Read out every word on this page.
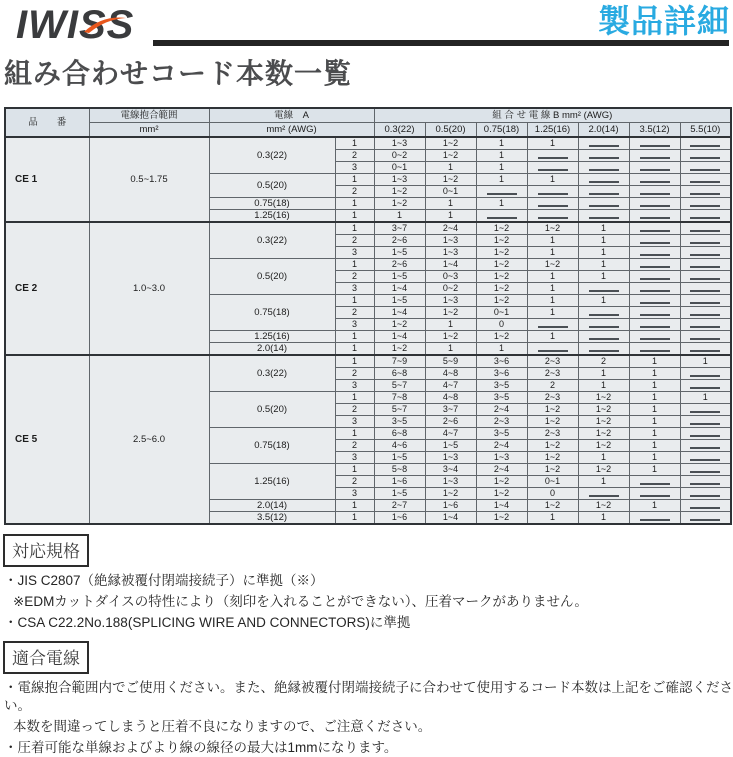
IWISS	製品詳細
組み合わせコード本数一覧
品　　番	電線抱合範囲	電線　A		組 合 せ 電 線 B mm² (AWG)						
	mm²	mm² (AWG)		0.3(22)	0.5(20)	0.75(18)	1.25(16)	2.0(14)	3.5(12)	5.5(10)
CE 1	0.5~1.75	0.3(22)	1	1~3	1~2	1	1	

			2	0~2	1~2	1	

			3	0~1	1	1	

		0.5(20)	1	1~3	1~2	1	1	

			2	1~2	0~1	

		0.75(18)	1	1~2	1	1	

		1.25(16)	1	1	1	

CE 2	1.0~3.0	0.3(22)	1	3~7	2~4	1~2	1~2	1	

			2	2~6	1~3	1~2	1	1	

			3	1~5	1~3	1~2	1	1	

		0.5(20)	1	2~6	1~4	1~2	1~2	1	

			2	1~5	0~3	1~2	1	1	

			3	1~4	0~2	1~2	1	

		0.75(18)	1	1~5	1~3	1~2	1	1	

			2	1~4	1~2	0~1	1	

			3	1~2	1	0	

		1.25(16)	1	1~4	1~2	1~2	1	

		2.0(14)	1	1~2	1	1	

CE 5	2.5~6.0	0.3(22)	1	7~9	5~9	3~6	2~3	2	1	1
			2	6~8	4~8	3~6	2~3	1	1	

			3	5~7	4~7	3~5	2	1	1	

		0.5(20)	1	7~8	4~8	3~5	2~3	1~2	1	1
			2	5~7	3~7	2~4	1~2	1~2	1	

			3	3~5	2~6	2~3	1~2	1~2	1	

		0.75(18)	1	6~8	4~7	3~5	2~3	1~2	1	

			2	4~6	1~5	2~4	1~2	1~2	1	

			3	1~5	1~3	1~3	1~2	1	1	

		1.25(16)	1	5~8	3~4	2~4	1~2	1~2	1	

			2	1~6	1~3	1~2	0~1	1	

			3	1~5	1~2	1~2	0	

		2.0(14)	1	2~7	1~6	1~4	1~2	1~2	1	

		3.5(12)	1	1~6	1~4	1~2	1	1	

対応規格
・JIS C2807（絶縁被覆付閉端接続子）に準拠（※）
※EDMカットダイスの特性により（刻印を入れることができない）、圧着マークがありません。
・CSA C22.2No.188(SPLICING WIRE AND CONNECTORS)に準拠
適合電線
・電線抱合範囲内でご使用ください。また、絶縁被覆付閉端接続子に合わせて使用するコード本数は上記をご確認ください。
本数を間違ってしまうと圧着不良になりますので、ご注意ください。
・圧着可能な単線およびより線の線径の最大は1mmになります。
